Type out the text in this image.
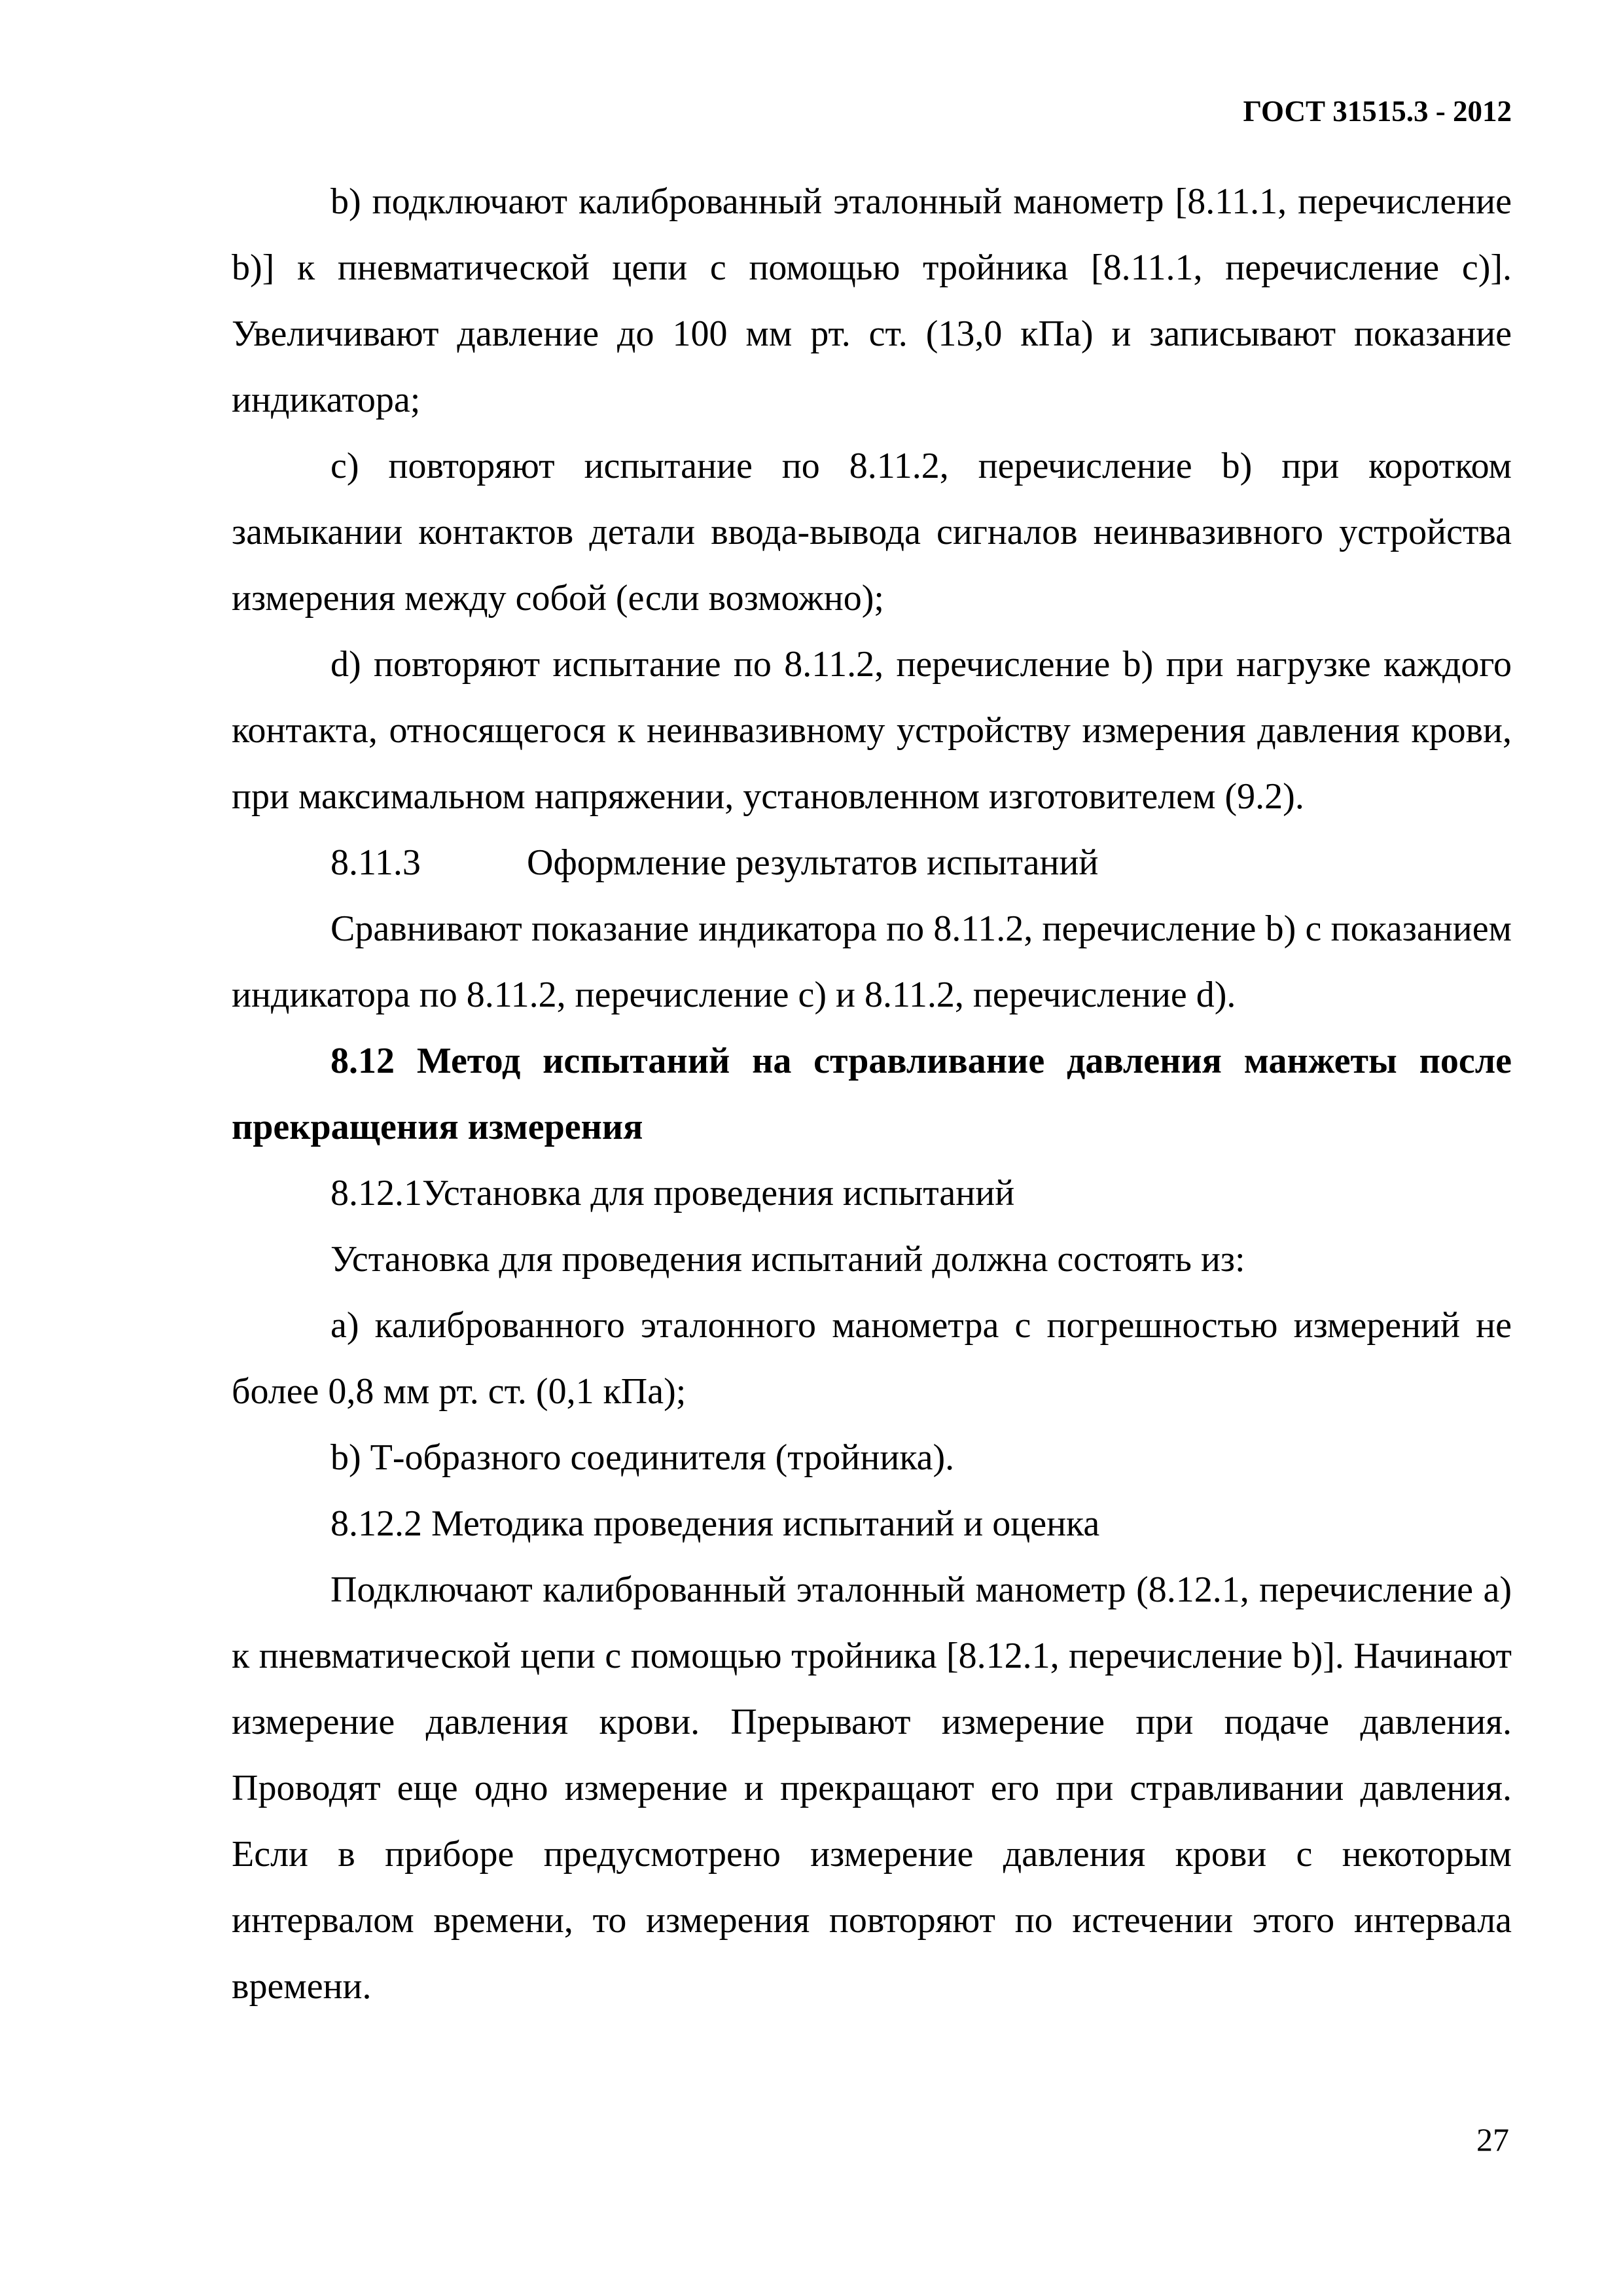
ГОСТ 31515.3 - 2012

b) подключают калиброванный эталонный манометр [8.11.1, перечисление b)] к пневматической цепи с помощью тройника [8.11.1, перечисление с)]. Увеличивают давление до 100 мм рт. ст. (13,0 кПа) и записывают показание индикатора;

c) повторяют испытание по 8.11.2, перечисление b) при коротком замыкании контактов детали ввода-вывода сигналов неинвазивного устройства измерения между собой (если возможно);

d) повторяют испытание по 8.11.2, перечисление b) при нагрузке каждого контакта, относящегося к неинвазивному устройству измерения давления крови, при максимальном напряжении, установленном изготовителем (9.2).

8.11.3	Оформление результатов испытаний

Сравнивают показание индикатора по 8.11.2, перечисление b) с показанием индикатора по 8.11.2, перечисление с) и 8.11.2, перечисление d).

8.12 Метод испытаний на стравливание давления манжеты после прекращения измерения

8.12.1Установка для проведения испытаний

Установка для проведения испытаний должна состоять из:

а) калиброванного эталонного манометра с погрешностью измерений не более 0,8 мм рт. ст. (0,1 кПа);

b) Т-образного соединителя (тройника).

8.12.2 Методика проведения испытаний и оценка

Подключают калиброванный эталонный манометр (8.12.1, перечисление а) к пневматической цепи с помощью тройника [8.12.1, перечисление b)]. Начинают измерение давления крови. Прерывают измерение при подаче давления. Проводят еще одно измерение и прекращают его при стравливании давления. Если в приборе предусмотрено измерение давления крови с некоторым интервалом времени, то измерения повторяют по истечении этого интервала времени.

27
